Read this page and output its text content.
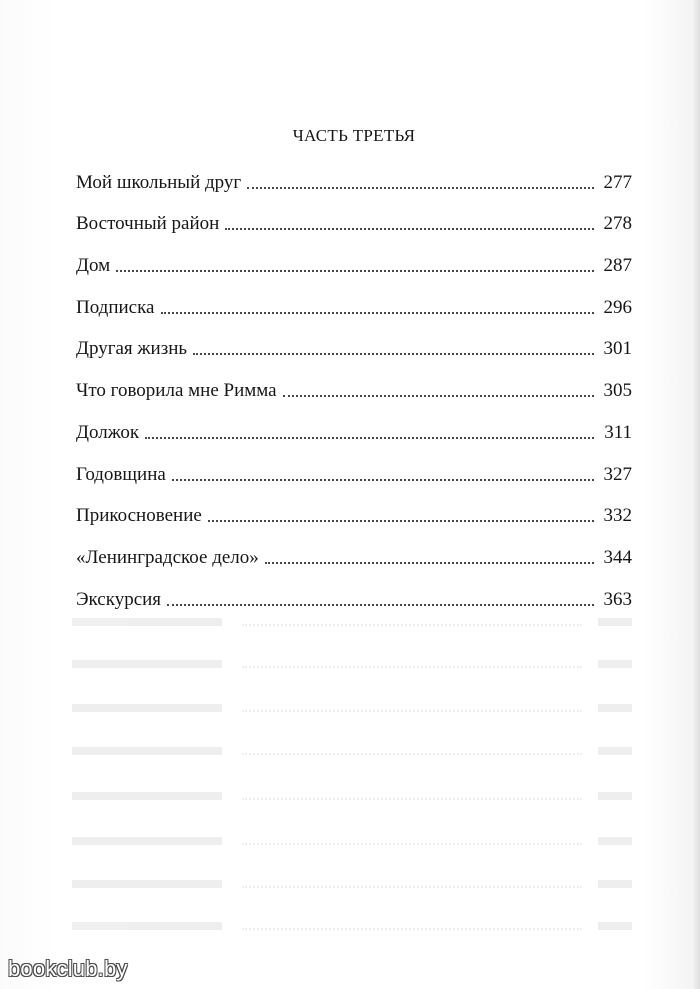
ЧАСТЬ ТРЕТЬЯ
Мой школьный друг	277
Восточный район	278
Дом	287
Подписка	296
Другая жизнь	301
Что говорила мне Римма	305
Должок	311
Годовщина	327
Прикосновение	332
«Ленинградское дело»	344
Экскурсия	363
bookclub.by
